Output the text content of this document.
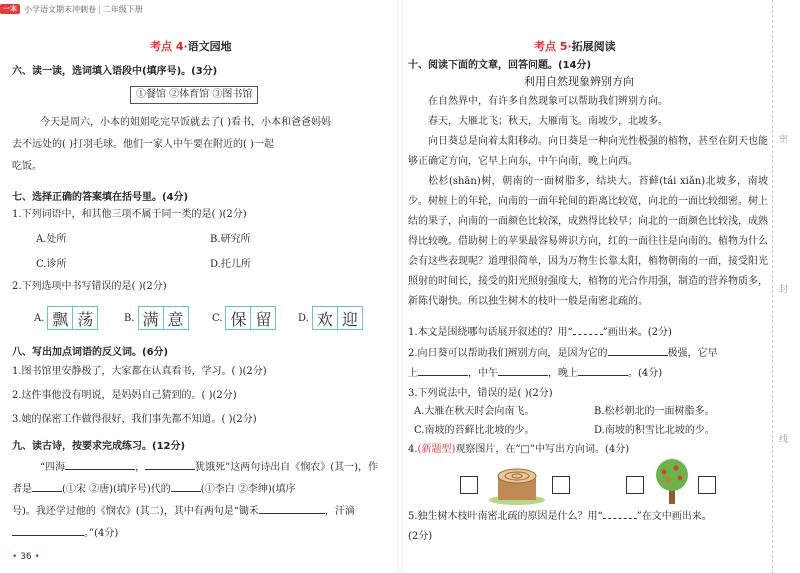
一本 小学语文期末冲刺卷 | 二年级下册
考点 4·语文园地
六、读一读，选词填入语段中(填序号)。(3分)
①餐馆 ②体育馆 ③图书馆
今天是周六，小本的姐姐吃完早饭就去了( )看书，小本和爸爸妈妈
去不远处的( )打羽毛球。他们一家人中午要在附近的( )一起
吃饭。
七、选择正确的答案填在括号里。(4分)
1.下列词语中，和其他三项不属于同一类的是( )(2分)
A.处所	B.研究所
C.诊所	D.托儿所
2.下列选项中书写错误的是( )(2分)
A. 飘 荡	B. 满 意	C. 保 留	D. 欢 迎
八、写出加点词语的反义词。(6分)
1.图书馆里安静极了，大家都在认真看书，学习。( )(2分)
2.这件事他没有明说，是妈妈自己猜到的。( )(2分)
3.她的保密工作做得很好，我们事先都不知道。( )(2分)
九、读古诗，按要求完成练习。(12分)
“四海	，	犹饿死”这两句诗出自《悯农》(其一)，作
者是	(①宋 ②唐)(填序号)代的	(①李白 ②李绅)(填序
号)。我还学过他的《悯农》(其二)，其中有两句是“锄禾	，汗滴
。”(4分)
• 36 •
考点 5·拓展阅读
十、阅读下面的文章，回答问题。(14分)
利用自然现象辨别方向
在自然界中，有许多自然现象可以帮助我们辨别方向。
春天，大雁北飞；秋天，大雁南飞。南坡少，北坡多。
向日葵总是向着太阳移动。向日葵是一种向光性极强的植物，甚至在阴天也能够正确定方向，它早上向东，中午向南，晚上向西。
松杉(shān)树，朝南的一面树脂多，结块大。苔藓(tái xiǎn)北坡多，南坡少。树桩上的年轮，向南的一面年轮间的距离比较宽，向北的一面比较细密。树上结的果子，向南的一面颜色比较深，成熟得比较早；向北的一面颜色比较浅，成熟得比较晚。借助树上的苹果最容易辨识方向，红的一面往往是向南的。植物为什么会有这些表现呢？道理很简单，因为万物生长靠太阳，植物朝南的一面，接受阳光照射的时间长，接受的阳光照射强度大，植物的光合作用强，制造的营养物质多，新陈代谢快。所以独生树木的枝叶一般是南密北疏的。
1.本文是围绕哪句话展开叙述的？用“	”画出来。(2分)
2.向日葵可以帮助我们辨别方向，是因为它的	极强，它早
上	，中午	，晚上	。(4分)
3.下列说法中，错误的是( )(2分)
A.大雁在秋天时会向南飞。	B.松杉朝北的一面树脂多。
C.南坡的苔藓比北坡的少。	D.南坡的积雪比北坡的少。
4.(新题型)观察图片，在“□”中写出方向词。(4分)
5.独生树木枝叶南密北疏的原因是什么？用“	”在文中画出来。
(2分)
密
封
线
